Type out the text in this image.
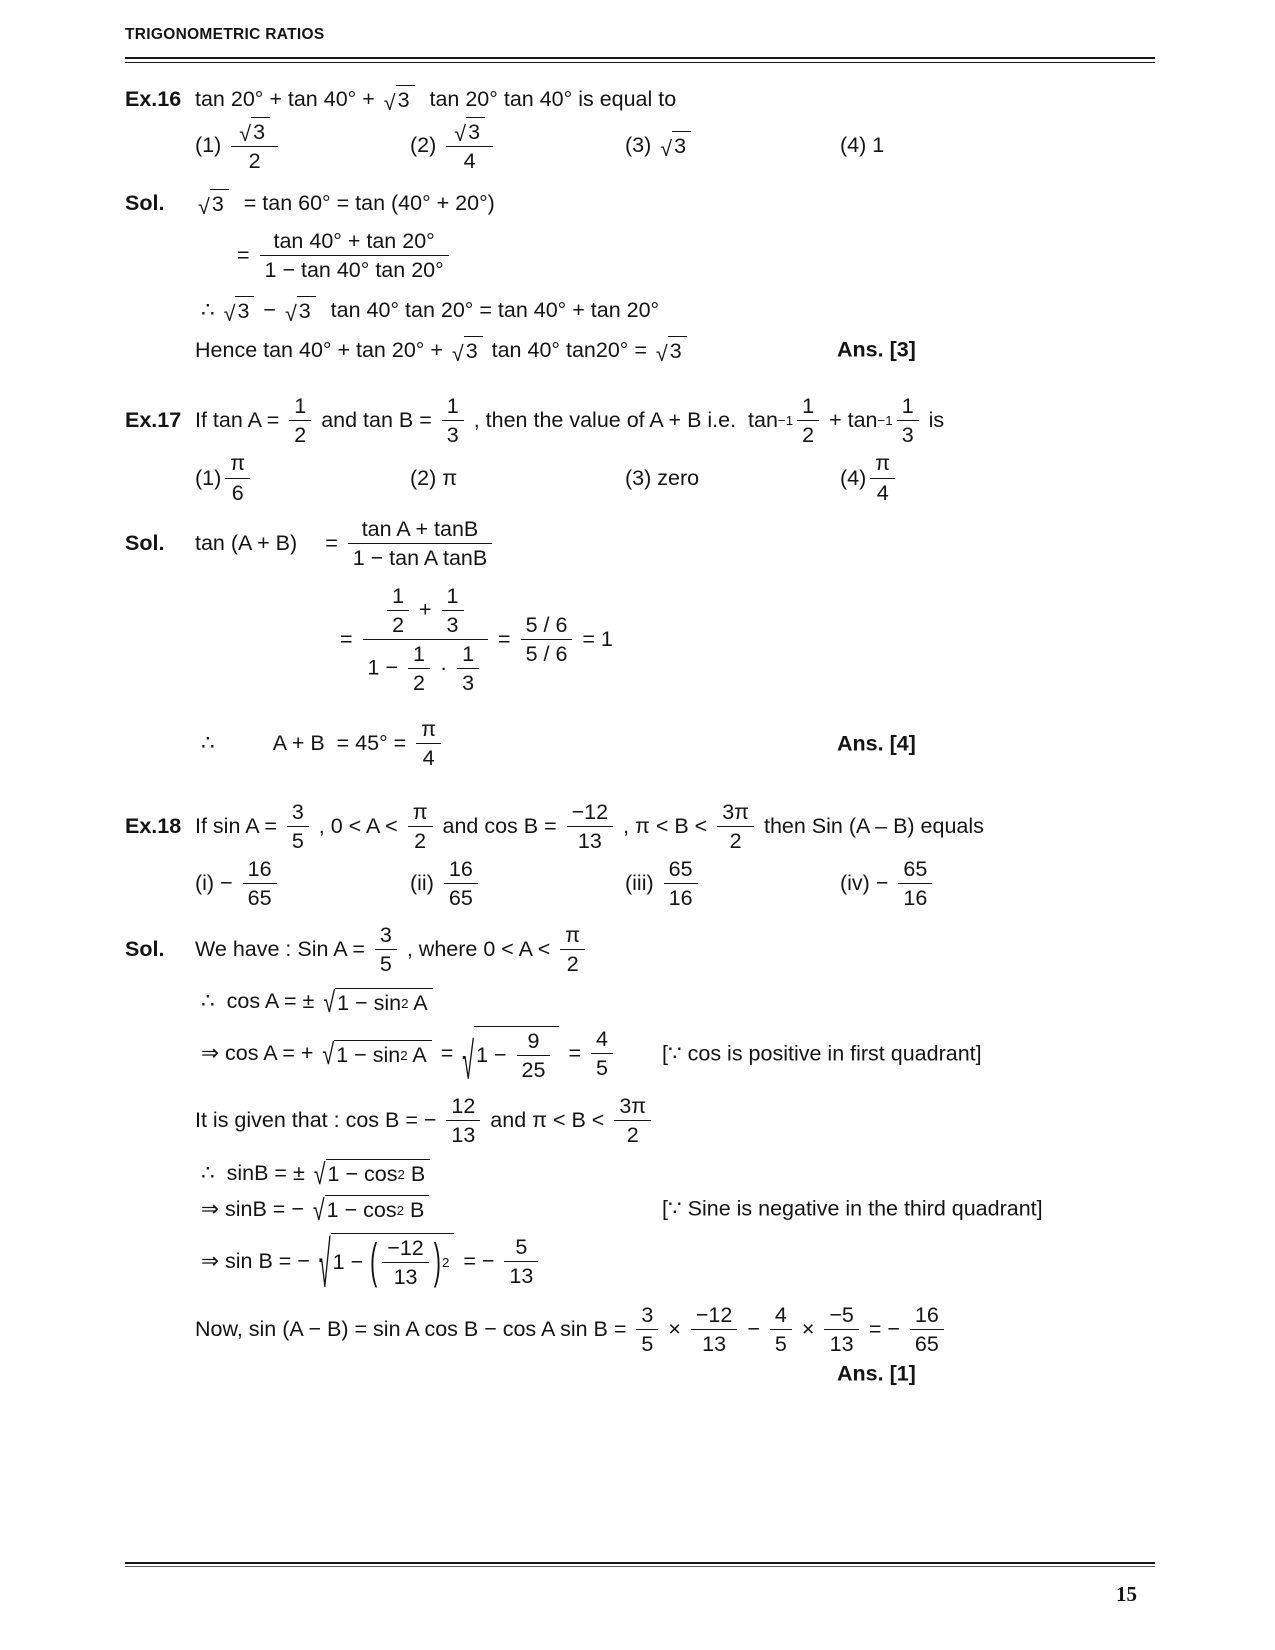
TRIGONOMETRIC RATIOS
Ex.16 tan 20° + tan 40° + √ 3 tan 20° tan 40° is equal to
$(1) \frac{√ 3}{2}$	$(2) \frac{√ 3}{4}$	(3) √ 3	(4) 1
Sol.	√ 3 = tan 60° = tan (40° + 20°)
= $\frac{\tan 40^\circ + \tan 20^\circ}{1 - \tan 40^\circ \tan 20^\circ}$
∴ √ 3 − √ 3 tan 40° tan 20° = tan 40° + tan 20°
Hence tan 40° + tan 20° + √ 3 tan 40° tan20° = √ 3	Ans. [3]
Ex.17 If $\tan A = \frac{1}{2}$ and $\tan B = \frac{1}{3}$ , then the value of A + B i.e.  $\tan -1 \frac{1}{2} + \tan -1 \frac{1}{3}$ is
$(1) \frac{\pi}{6}$	(2) π	(3) zero	$(4) \frac{\pi}{4}$
Sol.	$\tan (A + B) = \frac{\text{tan A + tanB}}{\text{1 − tan A tanB}}$
= $\frac{\frac{1}{2} + \frac{1}{3}}{1 - \frac{1}{2} \cdot \frac{1}{3}} = \frac{5 / 6}{5 / 6} = 1$
∴	$A + B = 45^\circ = \frac{\pi}{4}$	Ans. [4]
Ex.18 If $\sin A = \frac{3}{5}$ , $0 < A < \frac{\pi}{2}$ and $\cos B = \frac{-12}{13}$ , $\pi < B < \frac{3\pi}{2}$ then Sin (A – B) equals
$(i) - \frac{16}{65}$	$(ii) \frac{16}{65}$	$(iii) \frac{65}{16}$	$(iv) - \frac{65}{16}$
Sol.	We have : Sin $A = \frac{3}{5}$ , where $0 < A < \frac{\pi}{2}$
∴  cos A = ± √ 1 − sin 2 A
⇒ cos A = + √ 1 − sin 2 A = √ $1 - \frac{9}{25} = \frac{4}{5}$ [∵ cos is positive in first quadrant]
It is given that : cos B = − $\frac{12}{13}$ and $\pi < B < \frac{3\pi}{2}$
∴  sinB = ± √ 1 − cos 2 B
⇒ sinB = − √ 1 − cos 2 B	[∵ Sine is negative in the third quadrant]
⇒ sin B = − √ 1 − ( $\frac{-12}{13}$ ) 2 = − $\frac{5}{13}$
Now, sin (A − B) = sin A cos B − cos A $\sin B = \frac{3}{5} \times \frac{-12}{13} - \frac{4}{5} \times \frac{-5}{13}$ = − $\frac{16}{65}$
Ans. [1]
15
